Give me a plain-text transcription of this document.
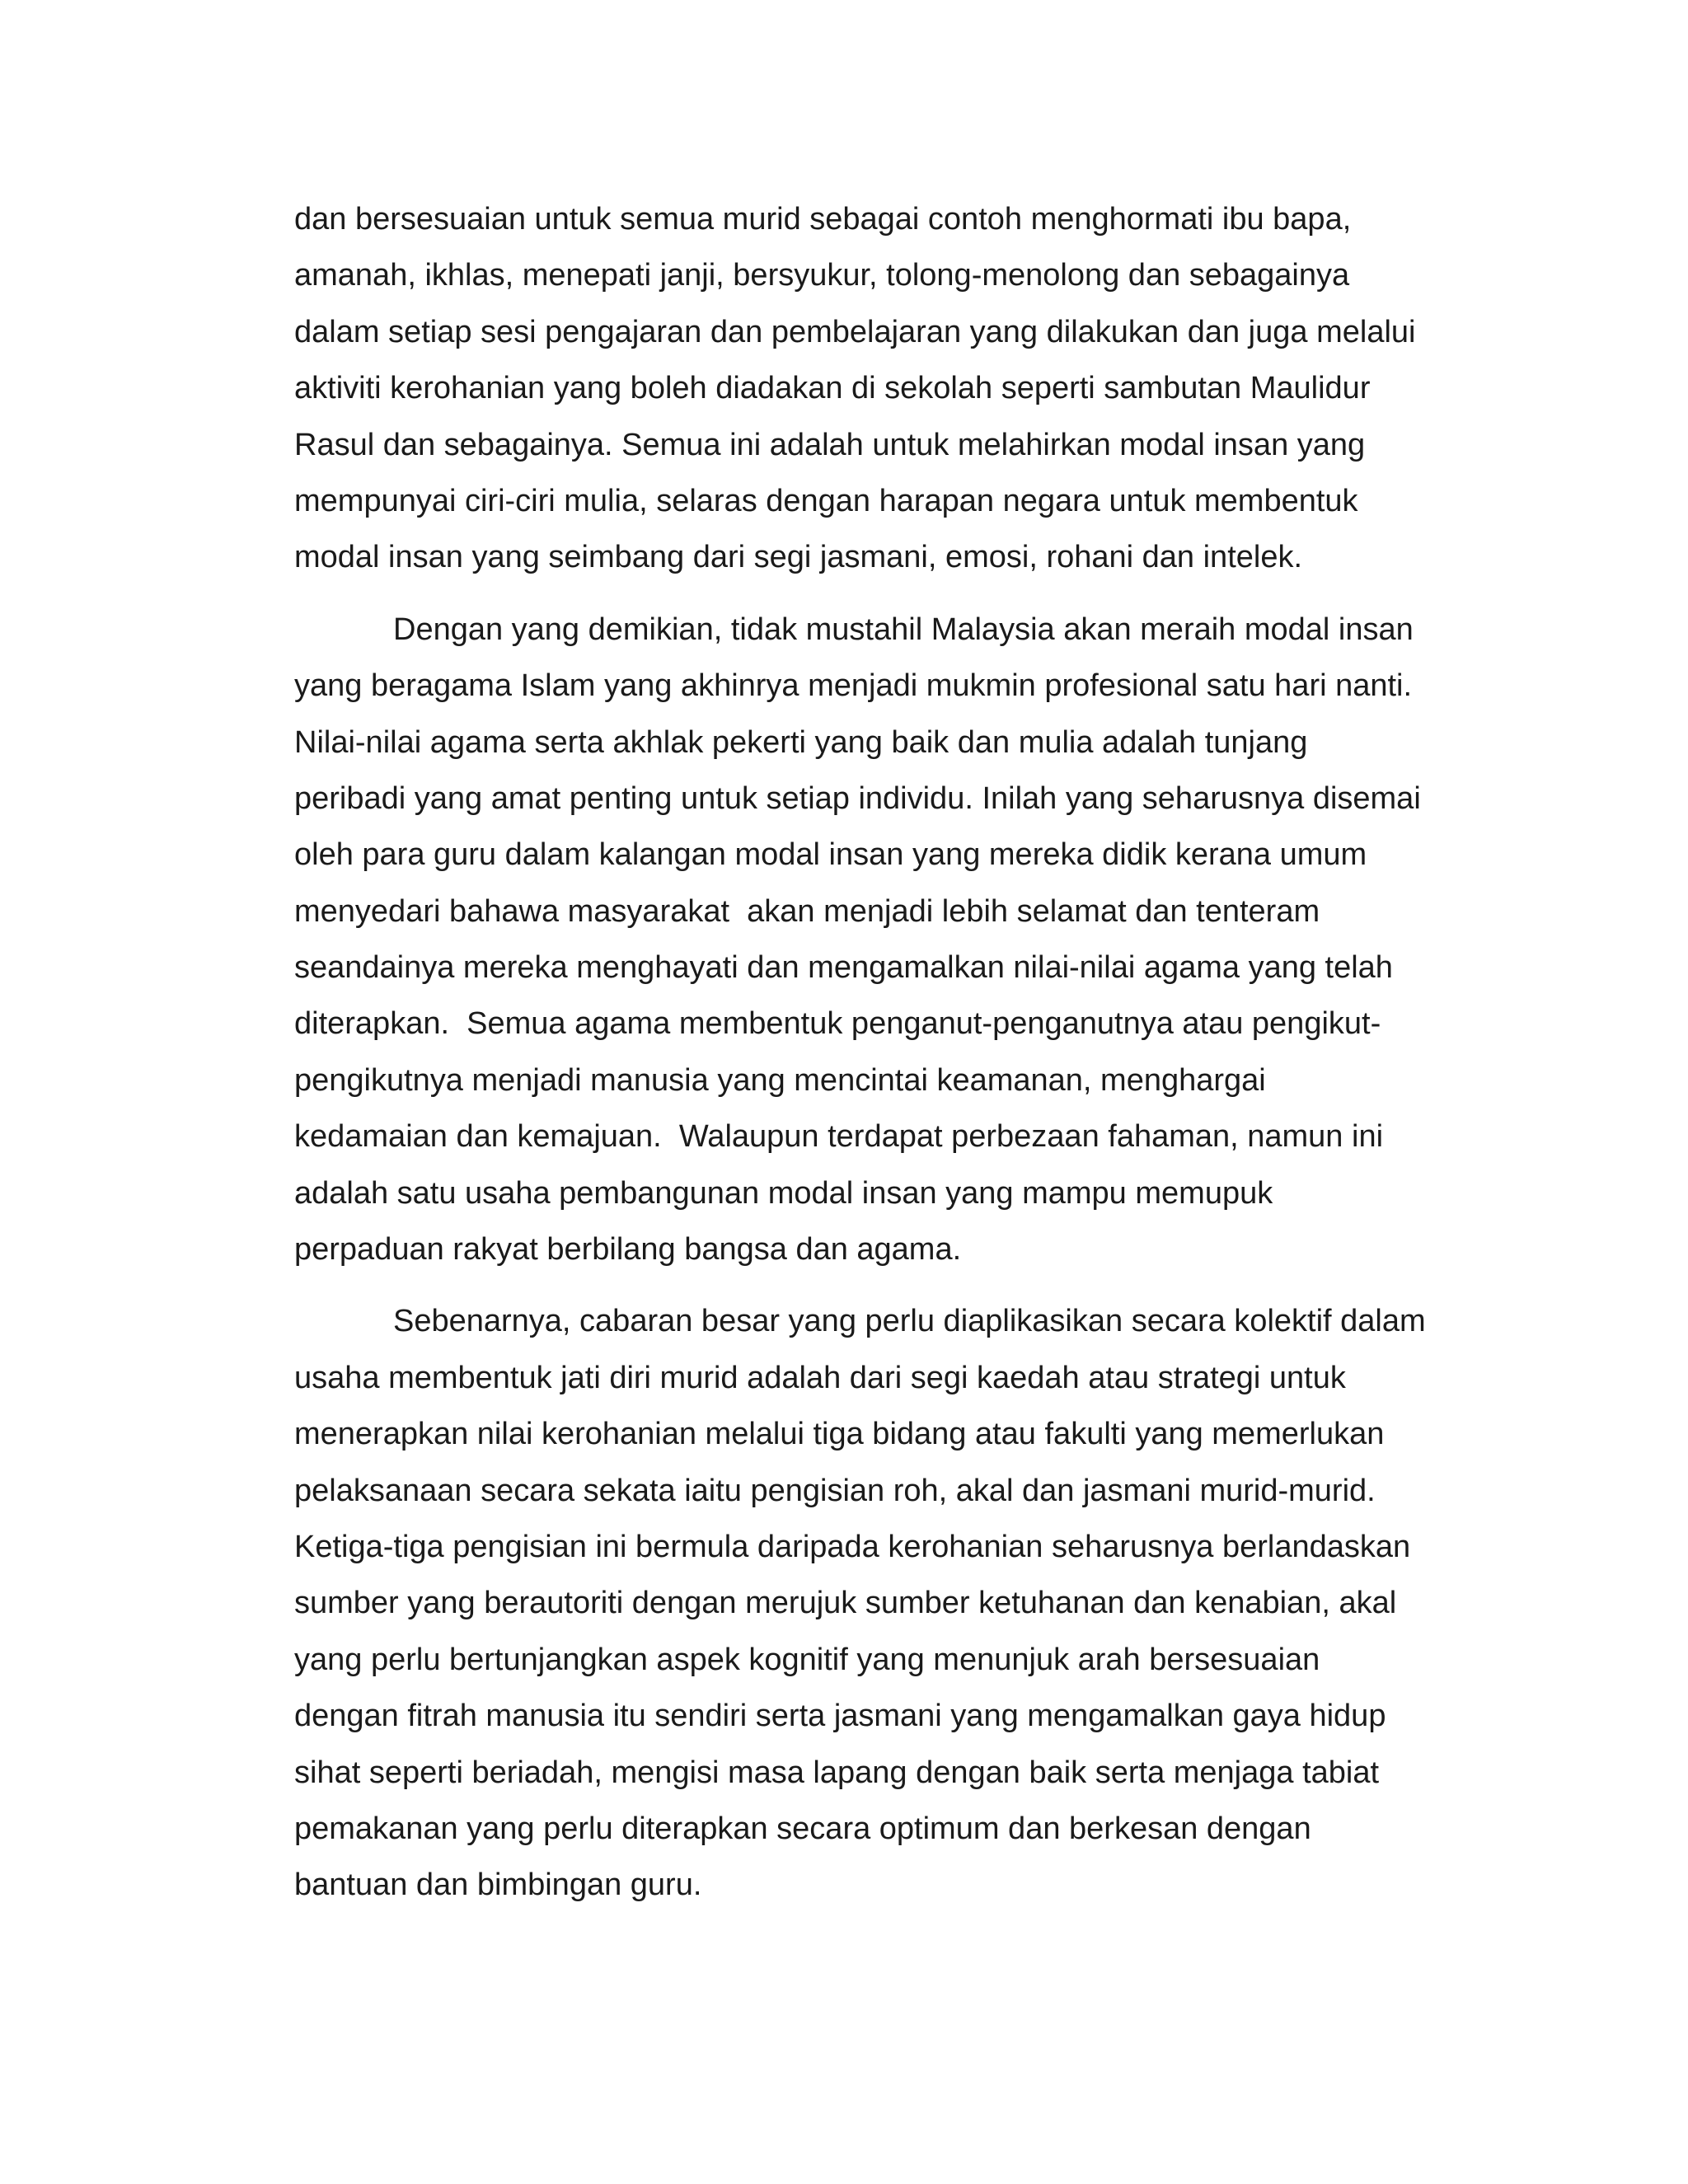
dan bersesuaian untuk semua murid sebagai contoh menghormati ibu bapa,
amanah, ikhlas, menepati janji, bersyukur, tolong-menolong dan sebagainya
dalam setiap sesi pengajaran dan pembelajaran yang dilakukan dan juga melalui
aktiviti kerohanian yang boleh diadakan di sekolah seperti sambutan Maulidur
Rasul dan sebagainya. Semua ini adalah untuk melahirkan modal insan yang
mempunyai ciri-ciri mulia, selaras dengan harapan negara untuk membentuk
modal insan yang seimbang dari segi jasmani, emosi, rohani dan intelek.
Dengan yang demikian, tidak mustahil Malaysia akan meraih modal insan
yang beragama Islam yang akhinrya menjadi mukmin profesional satu hari nanti.
Nilai-nilai agama serta akhlak pekerti yang baik dan mulia adalah tunjang
peribadi yang amat penting untuk setiap individu. Inilah yang seharusnya disemai
oleh para guru dalam kalangan modal insan yang mereka didik kerana umum
menyedari bahawa masyarakat  akan menjadi lebih selamat dan tenteram
seandainya mereka menghayati dan mengamalkan nilai-nilai agama yang telah
diterapkan.  Semua agama membentuk penganut-penganutnya atau pengikut-
pengikutnya menjadi manusia yang mencintai keamanan, menghargai
kedamaian dan kemajuan.  Walaupun terdapat perbezaan fahaman, namun ini
adalah satu usaha pembangunan modal insan yang mampu memupuk
perpaduan rakyat berbilang bangsa dan agama.
Sebenarnya, cabaran besar yang perlu diaplikasikan secara kolektif dalam
usaha membentuk jati diri murid adalah dari segi kaedah atau strategi untuk
menerapkan nilai kerohanian melalui tiga bidang atau fakulti yang memerlukan
pelaksanaan secara sekata iaitu pengisian roh, akal dan jasmani murid-murid.
Ketiga-tiga pengisian ini bermula daripada kerohanian seharusnya berlandaskan
sumber yang berautoriti dengan merujuk sumber ketuhanan dan kenabian, akal
yang perlu bertunjangkan aspek kognitif yang menunjuk arah bersesuaian
dengan fitrah manusia itu sendiri serta jasmani yang mengamalkan gaya hidup
sihat seperti beriadah, mengisi masa lapang dengan baik serta menjaga tabiat
pemakanan yang perlu diterapkan secara optimum dan berkesan dengan
bantuan dan bimbingan guru.
